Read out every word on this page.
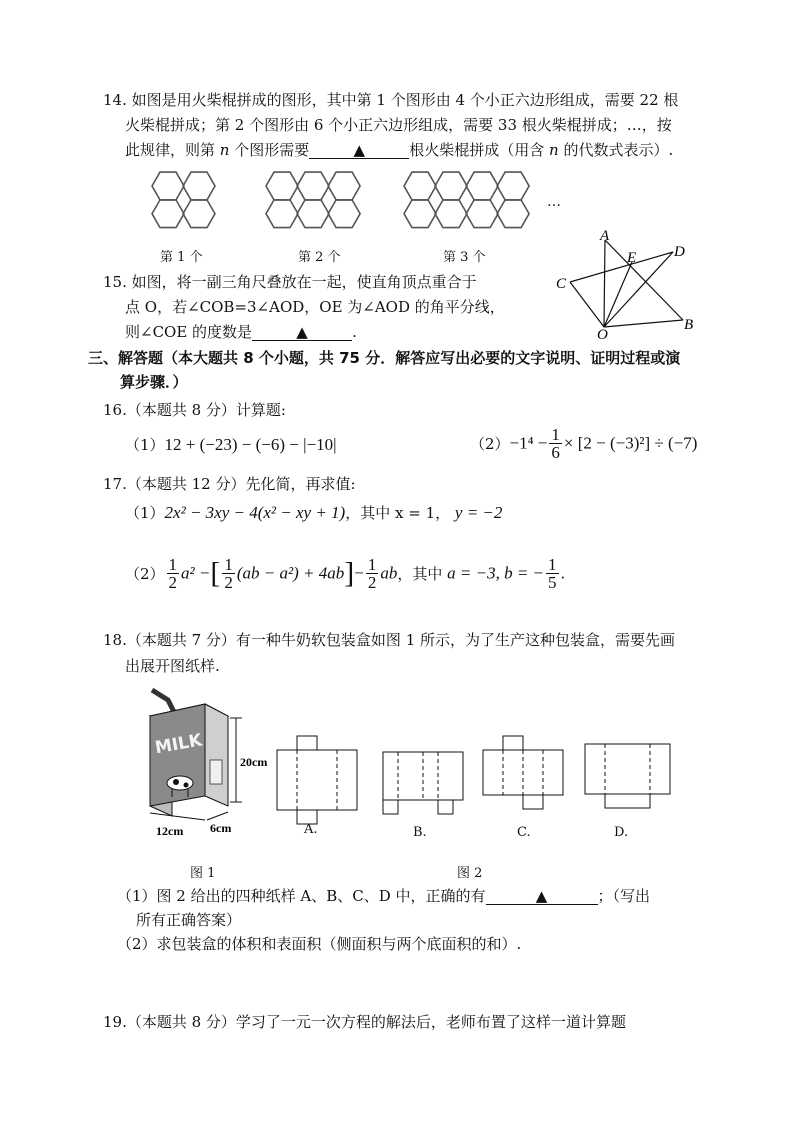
14. 如图是用火柴棍拼成的图形，其中第 1 个图形由 4 个小正六边形组成，需要 22 根
火柴棍拼成；第 2 个图形由 6 个小正六边形组成，需要 33 根火柴棍拼成；…，按
此规律，则第 n 个图形需要	▲	根火柴棍拼成（用含 n 的代数式表示）.
第 1 个	第 2 个	第 3 个
…
15. 如图，将一副三角尺叠放在一起，使直角顶点重合于
点 O，若∠COB=3∠AOD，OE 为∠AOD 的角平分线，
则∠COE 的度数是	▲	.
A
D
E
C
B
O
三、解答题（本大题共 8 个小题，共 75 分．解答应写出必要的文字说明、证明过程或演
算步骤．）
16.（本题共 8 分）计算题:
（1）12 + (−23) − (−6) − |−10|	$(2)-1^4 - \frac{1}{6} \times [2 - (-3)^2] \div (-7)$
17.（本题共 12 分）先化简，再求值:
（1）2x² − 3xy − 4(x² − xy + 1)，其中 x = 1， y = −2
$(2) \frac{1}{2} a^2$ −[ $\frac{1}{2} (ab - a^2) + 4ab]- \frac{1}{2}$ ab，其中 a = −3, b = − $\frac{1}{5}$ .
18.（本题共 7 分）有一种牛奶软包装盒如图 1 所示，为了生产这种包装盒，需要先画
出展开图纸样.
MILK
20cm
12cm 6cm	A.	B.	C.	D.
图 1	图 2
（1）图 2 给出的四种纸样 A、B、C、D 中，正确的有	▲	；（写出
所有正确答案）
（2）求包装盒的体积和表面积（侧面积与两个底面积的和）.
19.（本题共 8 分）学习了一元一次方程的解法后，老师布置了这样一道计算题
